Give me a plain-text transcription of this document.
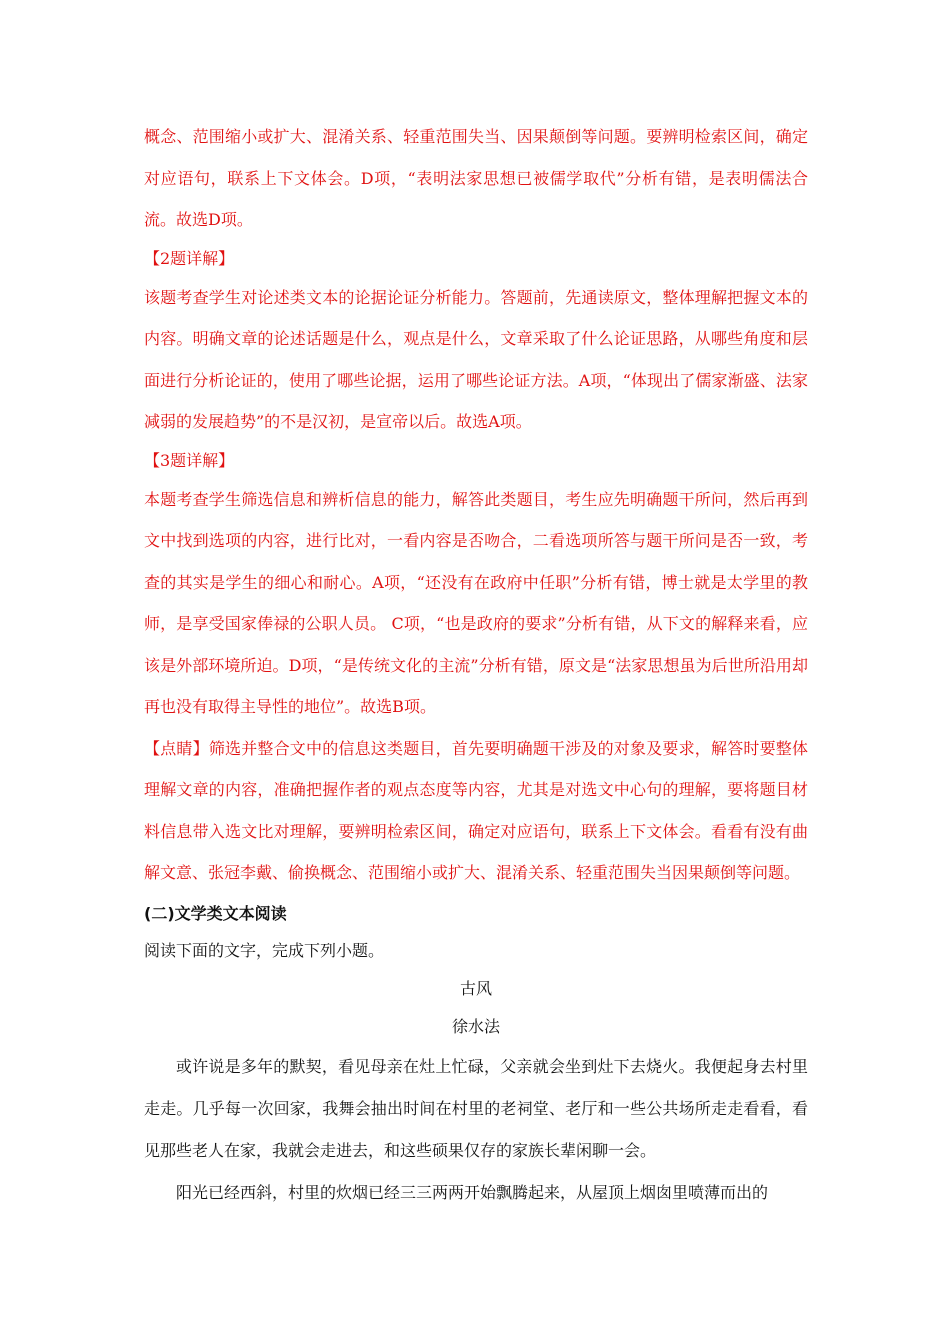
概念、范围缩小或扩大、混淆关系、轻重范围失当、因果颠倒等问题。要辨明检索区间，确定对应语句，联系上下文体会。D项，“表明法家思想已被儒学取代”分析有错，是表明儒法合流。故选D项。

【2题详解】

该题考查学生对论述类文本的论据论证分析能力。答题前，先通读原文，整体理解把握文本的内容。明确文章的论述话题是什么，观点是什么，文章采取了什么论证思路，从哪些角度和层面进行分析论证的，使用了哪些论据，运用了哪些论证方法。A项，“体现出了儒家渐盛、法家减弱的发展趋势”的不是汉初，是宣帝以后。故选A项。

【3题详解】

本题考查学生筛选信息和辨析信息的能力，解答此类题目，考生应先明确题干所问，然后再到文中找到选项的内容，进行比对，一看内容是否吻合，二看选项所答与题干所问是否一致，考查的其实是学生的细心和耐心。A项，“还没有在政府中任职”分析有错，博士就是太学里的教师，是享受国家俸禄的公职人员。 C项，“也是政府的要求”分析有错，从下文的解释来看，应该是外部环境所迫。D项，“是传统文化的主流”分析有错，原文是“法家思想虽为后世所沿用却再也没有取得主导性的地位”。故选B项。

【点睛】筛选并整合文中的信息这类题目，首先要明确题干涉及的对象及要求，解答时要整体理解文章的内容，准确把握作者的观点态度等内容，尤其是对选文中心句的理解，要将题目材料信息带入选文比对理解，要辨明检索区间，确定对应语句，联系上下文体会。看看有没有曲解文意、张冠李戴、偷换概念、范围缩小或扩大、混淆关系、轻重范围失当因果颠倒等问题。

(二)文学类文本阅读

阅读下面的文字，完成下列小题。

古风

徐水法

或许说是多年的默契，看见母亲在灶上忙碌，父亲就会坐到灶下去烧火。我便起身去村里走走。几乎每一次回家，我舞会抽出时间在村里的老祠堂、老厅和一些公共场所走走看看，看见那些老人在家，我就会走进去，和这些硕果仅存的家族长辈闲聊一会。

阳光已经西斜，村里的炊烟已经三三两两开始飘腾起来，从屋顶上烟囱里喷薄而出的
